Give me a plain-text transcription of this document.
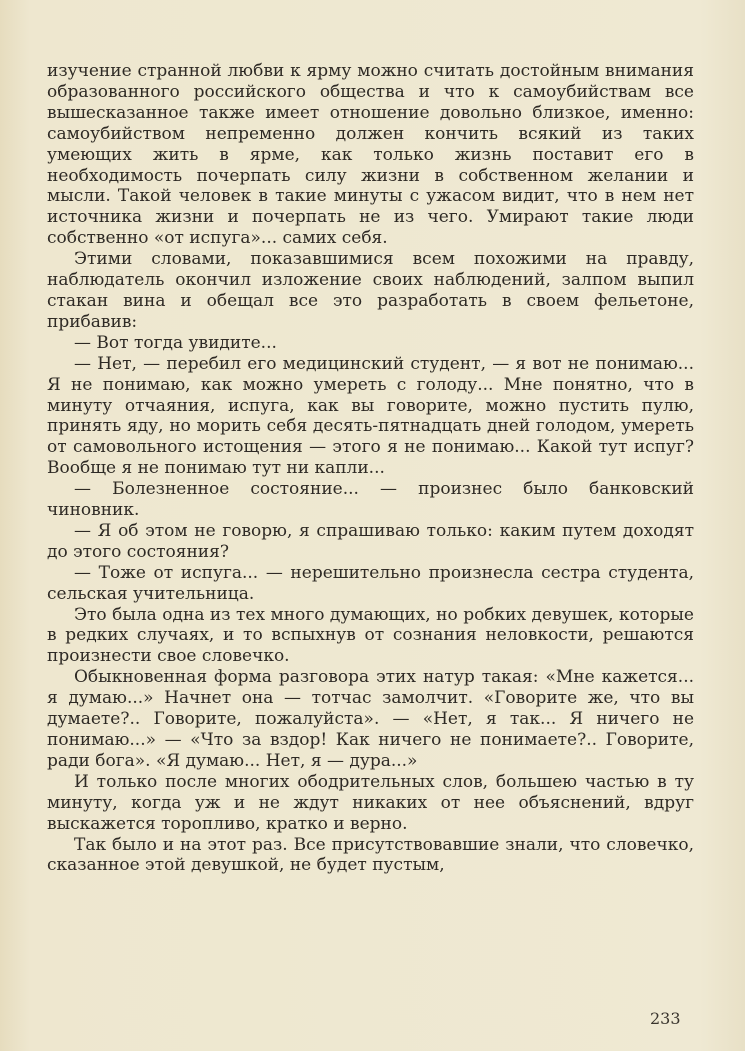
изучение странной любви к ярму можно считать достойным внимания образованного российского общества и что к самоубийствам все вышесказанное также имеет отношение довольно близкое, именно: самоубийством непременно должен кончить всякий из таких умеющих жить в ярме, как только жизнь поставит его в необходимость почерпать силу жизни в собственном желании и мысли. Такой человек в такие минуты с ужасом видит, что в нем нет источника жизни и почерпать не из чего. Умирают такие люди собственно «от испуга»... самих себя.

Этими словами, показавшимися всем похожими на правду, наблюдатель окончил изложение своих наблюдений, залпом выпил стакан вина и обещал все это разработать в своем фельетоне, прибавив:

— Вот тогда увидите...

— Нет, — перебил его медицинский студент, — я вот не понимаю... Я не понимаю, как можно умереть с голоду... Мне понятно, что в минуту отчаяния, испуга, как вы говорите, можно пустить пулю, принять яду, но морить себя десять-пятнадцать дней голодом, умереть от самовольного истощения — этого я не понимаю... Какой тут испуг? Вообще я не понимаю тут ни капли...

— Болезненное состояние... — произнес было банковский чиновник.

— Я об этом не говорю, я спрашиваю только: каким путем доходят до этого состояния?

— Тоже от испуга... — нерешительно произнесла сестра студента, сельская учительница.

Это была одна из тех много думающих, но робких девушек, которые в редких случаях, и то вспыхнув от сознания неловкости, решаются произнести свое словечко.

Обыкновенная форма разговора этих натур такая: «Мне кажется... я думаю...» Начнет она — тотчас замолчит. «Говорите же, что вы думаете?.. Говорите, пожалуйста». — «Нет, я так... Я ничего не понимаю...» — «Что за вздор! Как ничего не понимаете?.. Говорите, ради бога». «Я думаю... Нет, я — дура...»

И только после многих ободрительных слов, большею частью в ту минуту, когда уж и не ждут никаких от нее объяснений, вдруг выскажется торопливо, кратко и верно.

Так было и на этот раз. Все присутствовавшие знали, что словечко, сказанное этой девушкой, не будет пустым,

233
